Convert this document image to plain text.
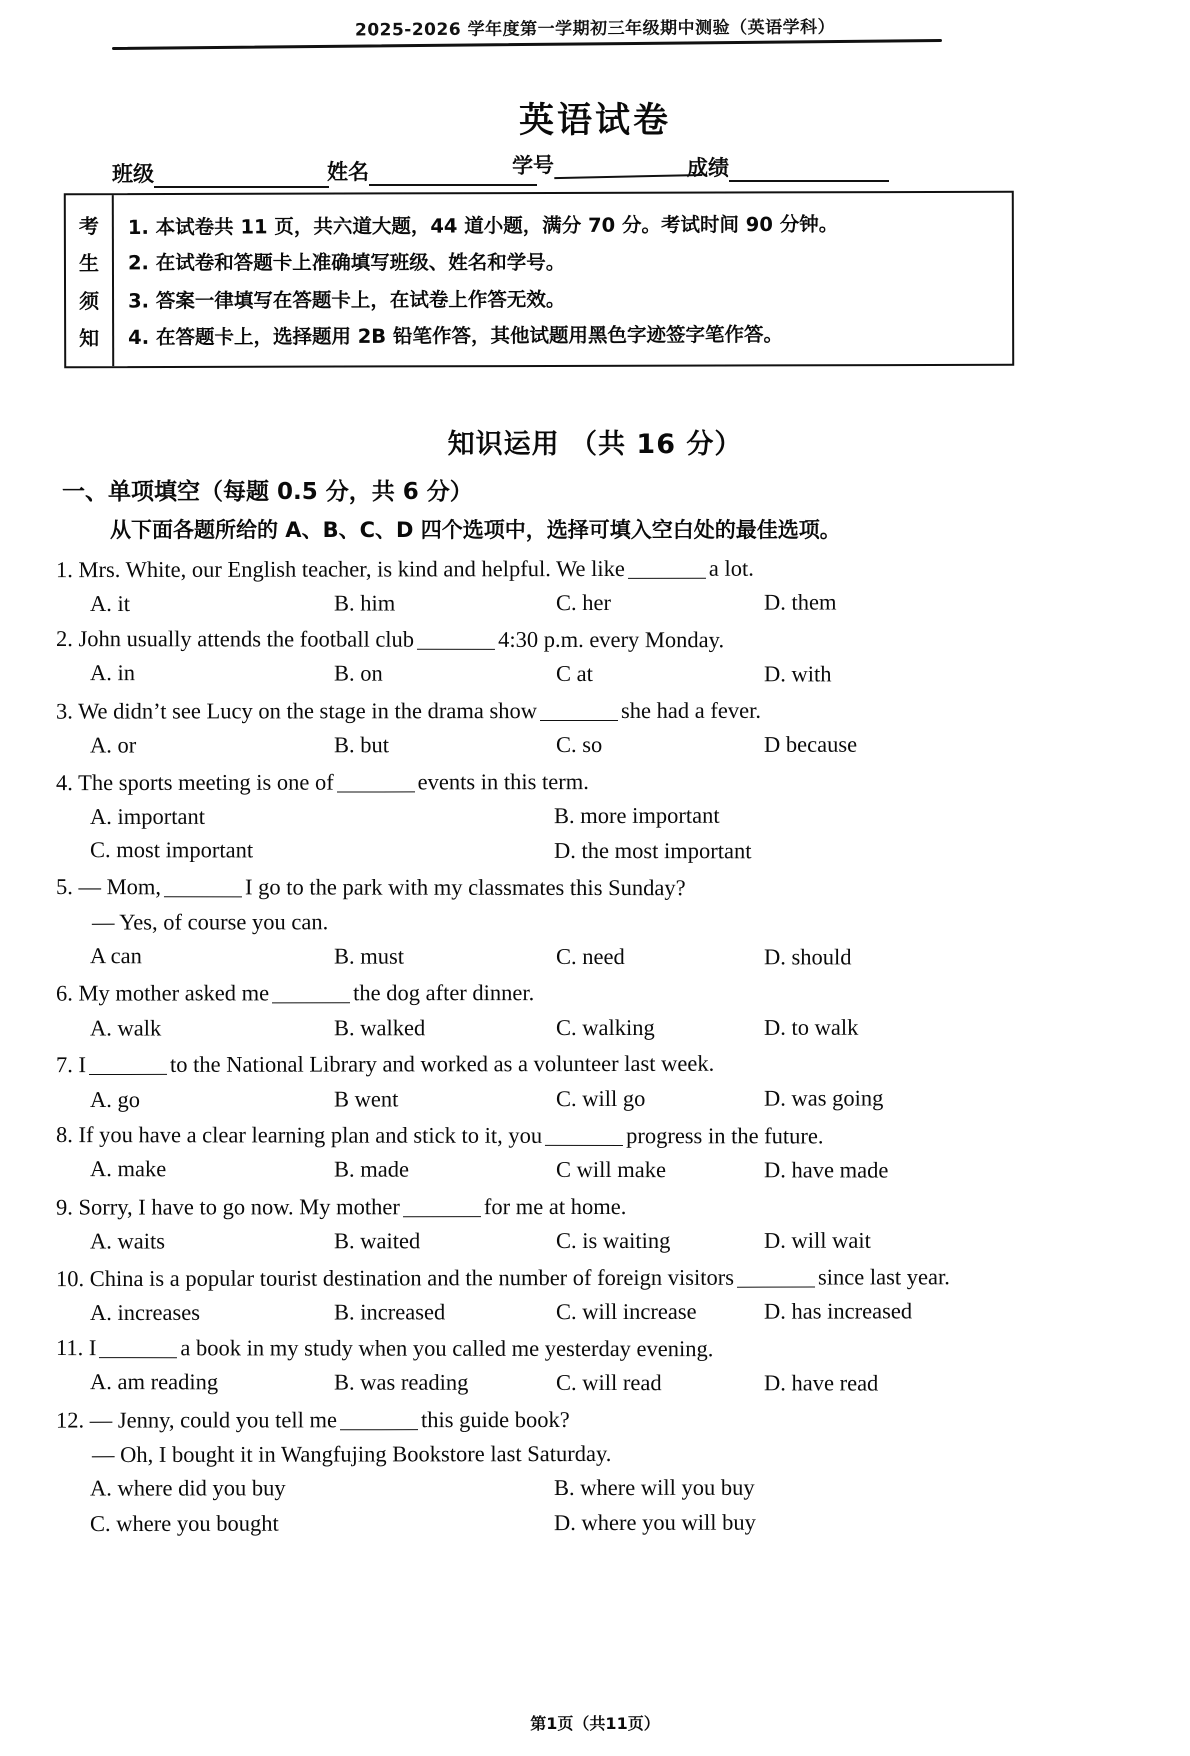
2025-2026 学年度第一学期初三年级期中测验（英语学科）
英语试卷
班级	姓名	学号	成绩
考
生
须
知
1. 本试卷共 11 页，共六道大题，44 道小题，满分 70 分。考试时间 90 分钟。
2. 在试卷和答题卡上准确填写班级、姓名和学号。
3. 答案一律填写在答题卡上，在试卷上作答无效。
4. 在答题卡上，选择题用 2B 铅笔作答，其他试题用黑色字迹签字笔作答。
知识运用 （共 16 分）
一、单项填空（每题 0.5 分，共 6 分）
从下面各题所给的 A、B、C、D 四个选项中，选择可填入空白处的最佳选项。
1. Mrs. White, our English teacher, is kind and helpful. We like	a lot.
A. it	B. him	C. her	D. them
2. John usually attends the football club	4:30 p.m. every Monday.
A. in	B. on	C at	D. with
3. We didn’t see Lucy on the stage in the drama show	she had a fever.
A. or	B. but	C. so	D because
4. The sports meeting is one of	events in this term.
A. important	B. more important
C. most important	D. the most important
5. — Mom,	I go to the park with my classmates this Sunday?
— Yes, of course you can.
A can	B. must	C. need	D. should
6. My mother asked me	the dog after dinner.
A. walk	B. walked	C. walking	D. to walk
7. I	to the National Library and worked as a volunteer last week.
A. go	B went	C. will go	D. was going
8. If you have a clear learning plan and stick to it, you	progress in the future.
A. make	B. made	C will make	D. have made
9. Sorry, I have to go now. My mother	for me at home.
A. waits	B. waited	C. is waiting	D. will wait
10. China is a popular tourist destination and the number of foreign visitors	since last year.
A. increases	B. increased	C. will increase	D. has increased
11. I	a book in my study when you called me yesterday evening.
A. am reading	B. was reading	C. will read	D. have read
12. — Jenny, could you tell me	this guide book?
— Oh, I bought it in Wangfujing Bookstore last Saturday.
A. where did you buy	B. where will you buy
C. where you bought	D. where you will buy
第1页（共11页）
